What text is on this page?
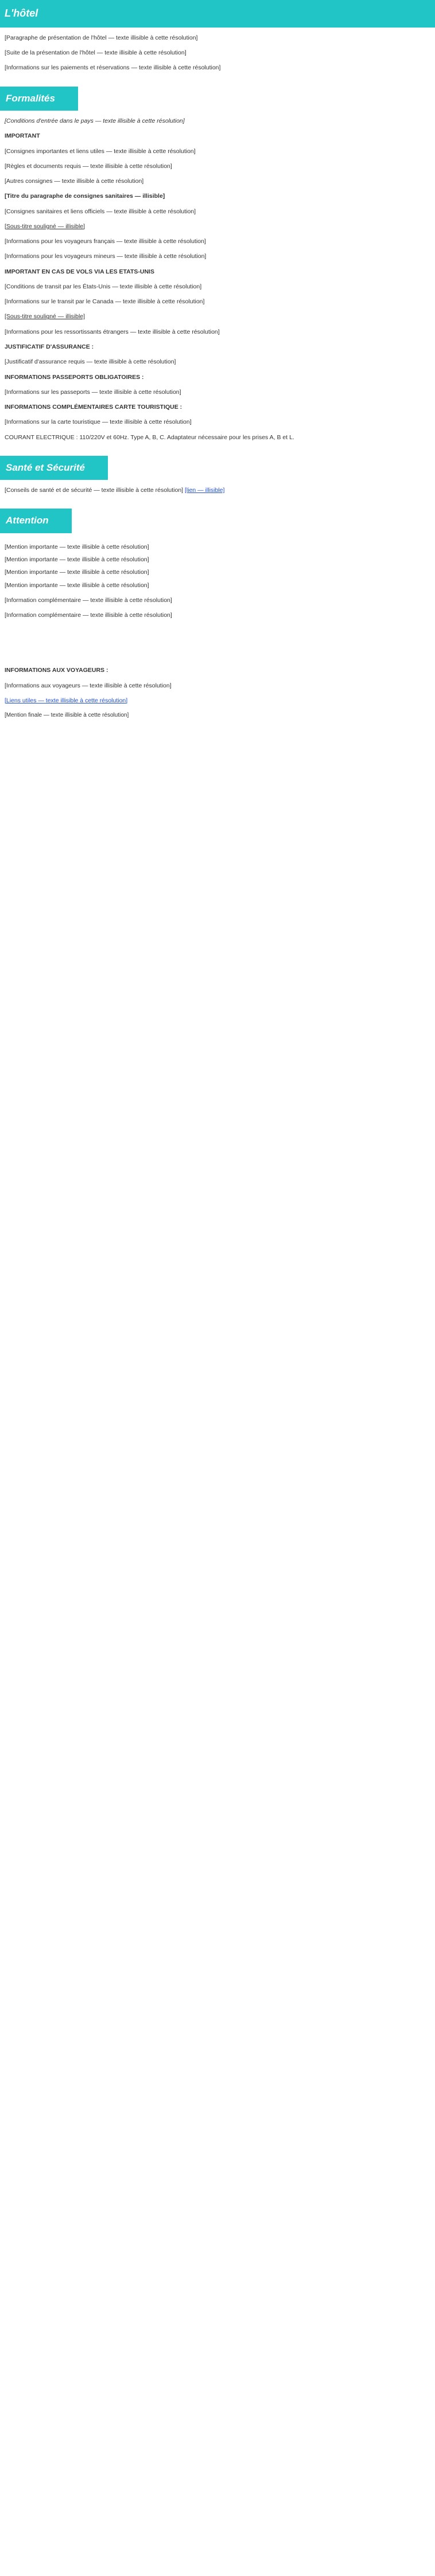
L'hôtel

[Paragraphe de présentation de l'hôtel — texte illisible à cette résolution]

[Suite de la présentation de l'hôtel — texte illisible à cette résolution]

[Informations sur les paiements et réservations — texte illisible à cette résolution]

Formalités

[Conditions d'entrée dans le pays — texte illisible à cette résolution]

IMPORTANT

[Consignes importantes et liens utiles — texte illisible à cette résolution]

[Règles et documents requis — texte illisible à cette résolution]

[Autres consignes — texte illisible à cette résolution]

[Titre du paragraphe de consignes sanitaires — illisible]

[Consignes sanitaires et liens officiels — texte illisible à cette résolution]

[Sous-titre souligné — illisible]

[Informations pour les voyageurs français — texte illisible à cette résolution]

[Informations pour les voyageurs mineurs — texte illisible à cette résolution]

IMPORTANT EN CAS DE VOLS VIA LES ETATS-UNIS

[Conditions de transit par les États-Unis — texte illisible à cette résolution]

[Informations sur le transit par le Canada — texte illisible à cette résolution]

[Sous-titre souligné — illisible]

[Informations pour les ressortissants étrangers — texte illisible à cette résolution]

JUSTIFICATIF D'ASSURANCE :

[Justificatif d'assurance requis — texte illisible à cette résolution]

INFORMATIONS PASSEPORTS OBLIGATOIRES :

[Informations sur les passeports — texte illisible à cette résolution]

INFORMATIONS COMPLÉMENTAIRES CARTE TOURISTIQUE :

[Informations sur la carte touristique — texte illisible à cette résolution]

COURANT ELECTRIQUE : 110/220V et 60Hz. Type A, B, C. Adaptateur nécessaire pour les prises A, B et L.

Santé et Sécurité

[Conseils de santé et de sécurité — texte illisible à cette résolution] [lien — illisible]

Attention
[Mention importante — texte illisible à cette résolution]
[Mention importante — texte illisible à cette résolution]
[Mention importante — texte illisible à cette résolution]
[Mention importante — texte illisible à cette résolution]

[Information complémentaire — texte illisible à cette résolution]

[Information complémentaire — texte illisible à cette résolution]

INFORMATIONS AUX VOYAGEURS :

[Informations aux voyageurs — texte illisible à cette résolution]

[Liens utiles — texte illisible à cette résolution]

[Mention finale — texte illisible à cette résolution]
